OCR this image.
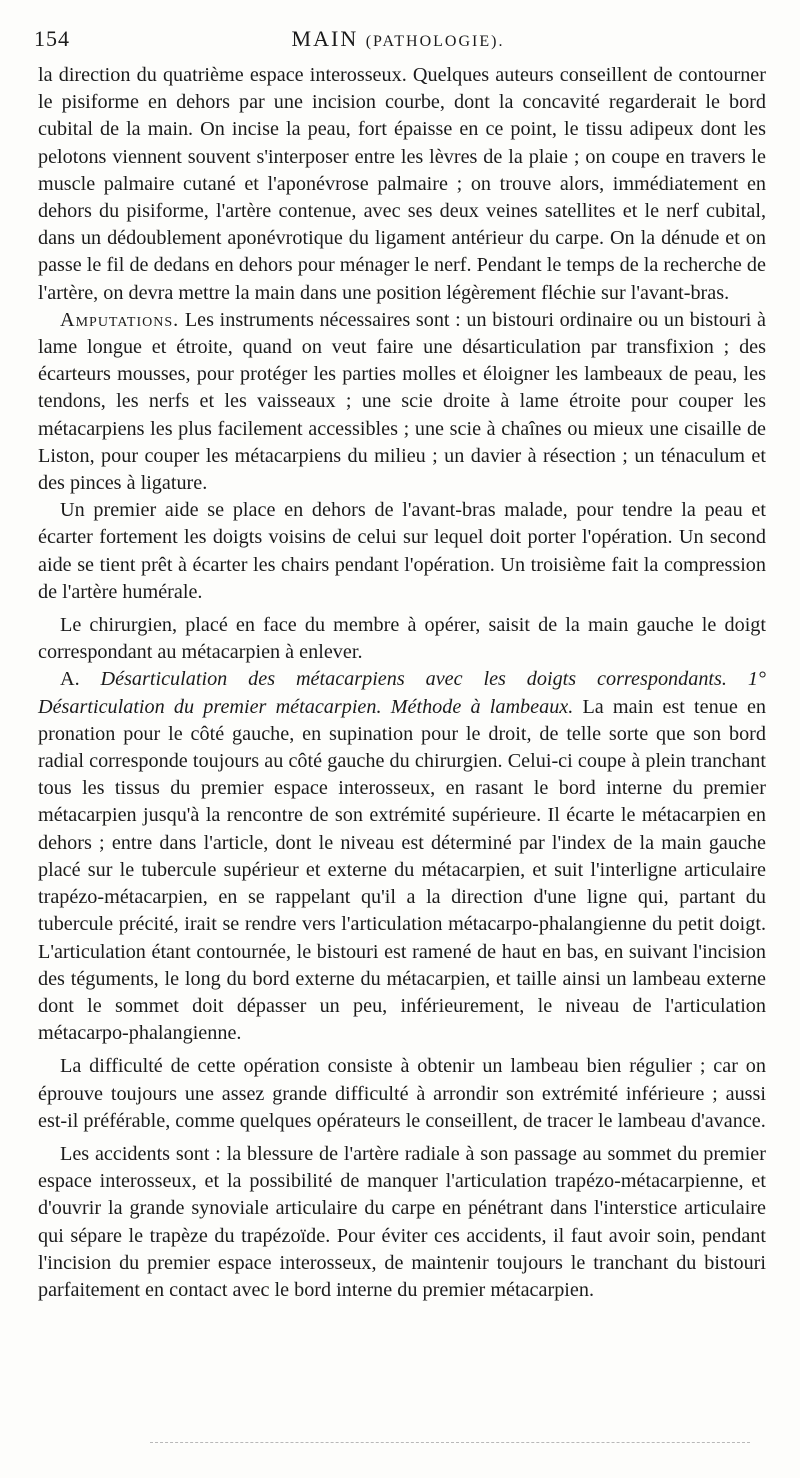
154	MAIN (PATHOLOGIE).

la direction du quatrième espace interosseux. Quelques auteurs conseillent de contourner le pisiforme en dehors par une incision courbe, dont la concavité regarderait le bord cubital de la main. On incise la peau, fort épaisse en ce point, le tissu adipeux dont les pelotons viennent souvent s'interposer entre les lèvres de la plaie ; on coupe en travers le muscle palmaire cutané et l'aponévrose palmaire ; on trouve alors, immédiatement en dehors du pisiforme, l'artère contenue, avec ses deux veines satellites et le nerf cubital, dans un dédoublement aponévrotique du ligament antérieur du carpe. On la dénude et on passe le fil de dedans en dehors pour ménager le nerf. Pendant le temps de la recherche de l'artère, on devra mettre la main dans une position légèrement fléchie sur l'avant-bras.

Amputations. Les instruments nécessaires sont : un bistouri ordinaire ou un bistouri à lame longue et étroite, quand on veut faire une désarticulation par transfixion ; des écarteurs mousses, pour protéger les parties molles et éloigner les lambeaux de peau, les tendons, les nerfs et les vaisseaux ; une scie droite à lame étroite pour couper les métacarpiens les plus facilement accessibles ; une scie à chaînes ou mieux une cisaille de Liston, pour couper les métacarpiens du milieu ; un davier à résection ; un ténaculum et des pinces à ligature.

Un premier aide se place en dehors de l'avant-bras malade, pour tendre la peau et écarter fortement les doigts voisins de celui sur lequel doit porter l'opération. Un second aide se tient prêt à écarter les chairs pendant l'opération. Un troisième fait la compression de l'artère humérale.

Le chirurgien, placé en face du membre à opérer, saisit de la main gauche le doigt correspondant au métacarpien à enlever.

A. Désarticulation des métacarpiens avec les doigts correspondants. 1° Désarticulation du premier métacarpien. Méthode à lambeaux. La main est tenue en pronation pour le côté gauche, en supination pour le droit, de telle sorte que son bord radial corresponde toujours au côté gauche du chirurgien. Celui-ci coupe à plein tranchant tous les tissus du premier espace interosseux, en rasant le bord interne du premier métacarpien jusqu'à la rencontre de son extrémité supérieure. Il écarte le métacarpien en dehors ; entre dans l'article, dont le niveau est déterminé par l'index de la main gauche placé sur le tubercule supérieur et externe du métacarpien, et suit l'interligne articulaire trapézo-métacarpien, en se rappelant qu'il a la direction d'une ligne qui, partant du tubercule précité, irait se rendre vers l'articulation métacarpo-phalangienne du petit doigt. L'articulation étant contournée, le bistouri est ramené de haut en bas, en suivant l'incision des téguments, le long du bord externe du métacarpien, et taille ainsi un lambeau externe dont le sommet doit dépasser un peu, inférieurement, le niveau de l'articulation métacarpo-phalangienne.

La difficulté de cette opération consiste à obtenir un lambeau bien régulier ; car on éprouve toujours une assez grande difficulté à arrondir son extrémité inférieure ; aussi est-il préférable, comme quelques opérateurs le conseillent, de tracer le lambeau d'avance.

Les accidents sont : la blessure de l'artère radiale à son passage au sommet du premier espace interosseux, et la possibilité de manquer l'articulation trapézo-métacarpienne, et d'ouvrir la grande synoviale articulaire du carpe en pénétrant dans l'interstice articulaire qui sépare le trapèze du trapézoïde. Pour éviter ces accidents, il faut avoir soin, pendant l'incision du premier espace interosseux, de maintenir toujours le tranchant du bistouri parfaitement en contact avec le bord interne du premier métacarpien.
